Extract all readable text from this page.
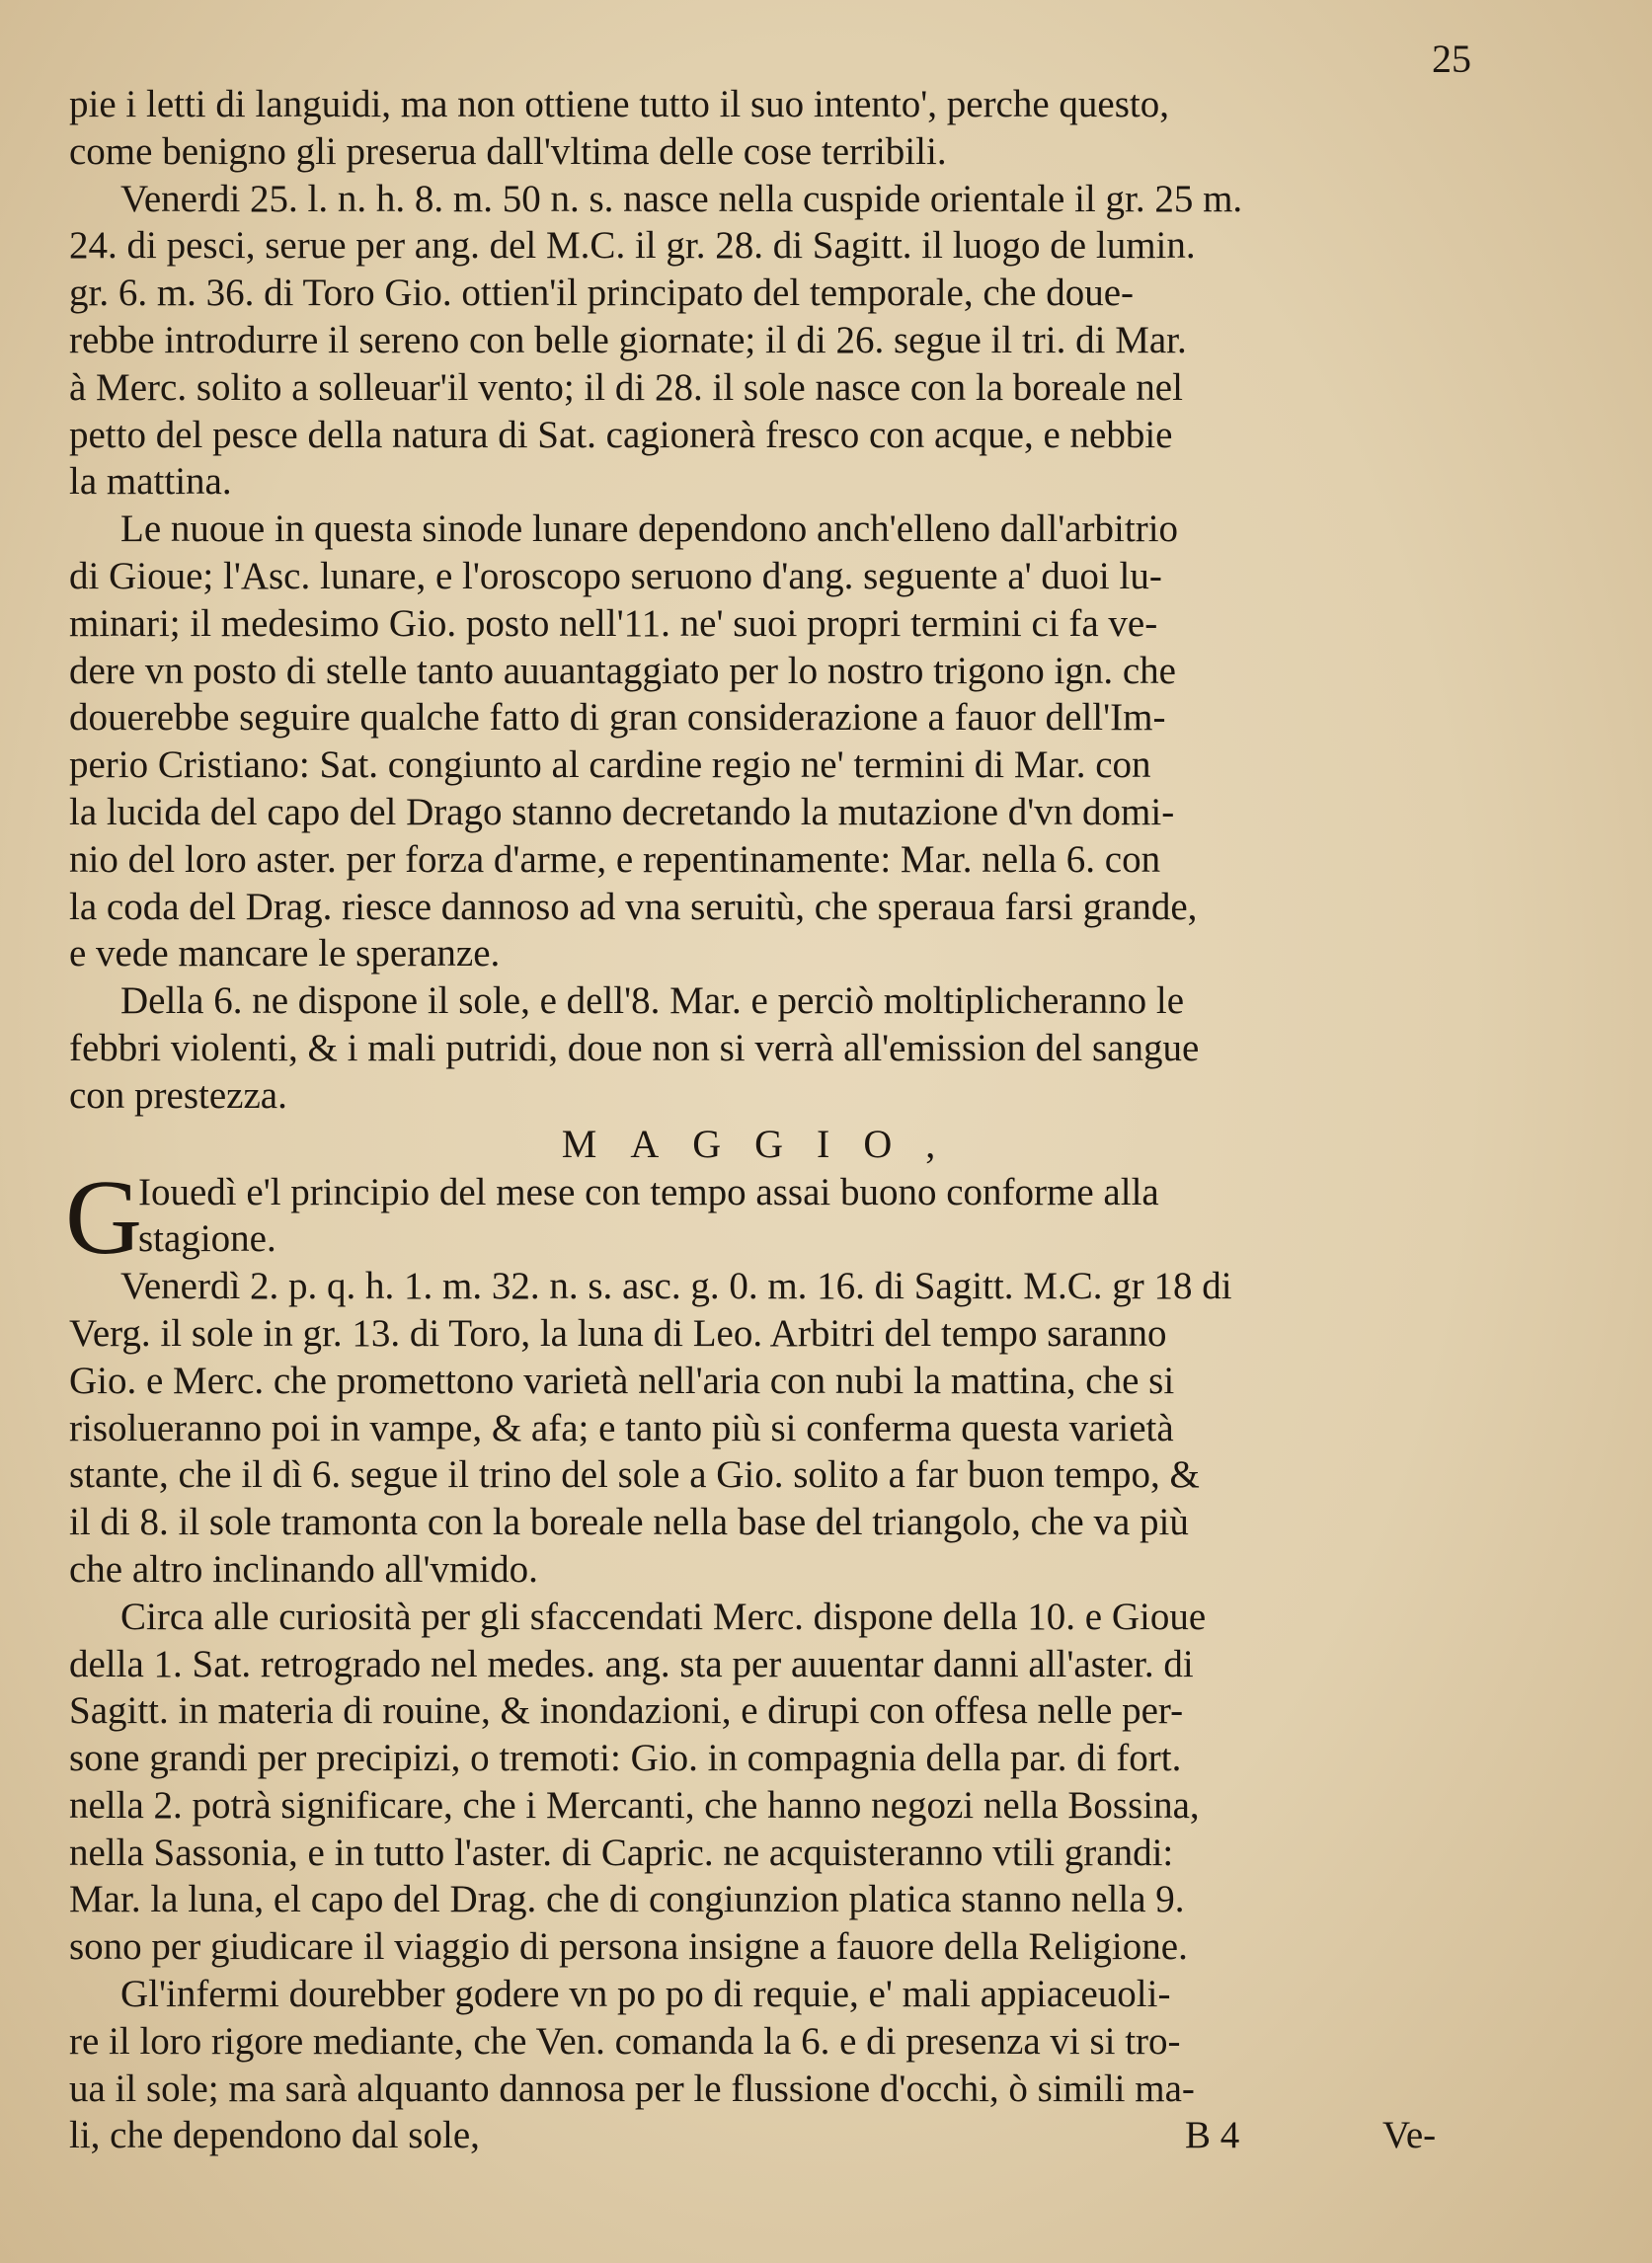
25
pie i letti di languidi, ma non ottiene tutto il suo intento', perche questo,
come benigno gli preserua dall'vltima delle cose terribili.
Venerdi 25. l. n. h. 8. m. 50 n. s. nasce nella cuspide orientale il gr. 25 m.
24. di pesci, serue per ang. del M.C. il gr. 28. di Sagitt. il luogo de lumin.
gr. 6. m. 36. di Toro Gio. ottien'il principato del temporale, che doue-
rebbe introdurre il sereno con belle giornate; il di 26. segue il tri. di Mar.
à Merc. solito a solleuar'il vento; il di 28. il sole nasce con la boreale nel
petto del pesce della natura di Sat. cagionerà fresco con acque, e nebbie
la mattina.
Le nuoue in questa sinode lunare dependono anch'elleno dall'arbitrio
di Gioue; l'Asc. lunare, e l'oroscopo seruono d'ang. seguente a' duoi lu-
minari; il medesimo Gio. posto nell'11. ne' suoi propri termini ci fa ve-
dere vn posto di stelle tanto auuantaggiato per lo nostro trigono ign. che
douerebbe seguire qualche fatto di gran considerazione a fauor dell'Im-
perio Cristiano: Sat. congiunto al cardine regio ne' termini di Mar. con
la lucida del capo del Drago stanno decretando la mutazione d'vn domi-
nio del loro aster. per forza d'arme, e repentinamente: Mar. nella 6. con
la coda del Drag. riesce dannoso ad vna seruitù, che speraua farsi grande,
e vede mancare le speranze.
Della 6. ne dispone il sole, e dell'8. Mar. e perciò moltiplicheranno le
febbri violenti, & i mali putridi, doue non si verrà all'emission del sangue
con prestezza.
MAGGIO,
G
Iouedì e'l principio del mese con tempo assai buono conforme alla
stagione.
Venerdì 2. p. q. h. 1. m. 32. n. s. asc. g. 0. m. 16. di Sagitt. M.C. gr 18 di
Verg. il sole in gr. 13. di Toro, la luna di Leo. Arbitri del tempo saranno
Gio. e Merc. che promettono varietà nell'aria con nubi la mattina, che si
risolueranno poi in vampe, & afa; e tanto più si conferma questa varietà
stante, che il dì 6. segue il trino del sole a Gio. solito a far buon tempo, &
il di 8. il sole tramonta con la boreale nella base del triangolo, che va più
che altro inclinando all'vmido.
Circa alle curiosità per gli sfaccendati Merc. dispone della 10. e Gioue
della 1. Sat. retrogrado nel medes. ang. sta per auuentar danni all'aster. di
Sagitt. in materia di rouine, & inondazioni, e dirupi con offesa nelle per-
sone grandi per precipizi, o tremoti: Gio. in compagnia della par. di fort.
nella 2. potrà significare, che i Mercanti, che hanno negozi nella Bossina,
nella Sassonia, e in tutto l'aster. di Capric. ne acquisteranno vtili grandi:
Mar. la luna, el capo del Drag. che di congiunzion platica stanno nella 9.
sono per giudicare il viaggio di persona insigne a fauore della Religione.
Gl'infermi dourebber godere vn po po di requie, e' mali appiaceuoli-
re il loro rigore mediante, che Ven. comanda la 6. e di presenza vi si tro-
ua il sole; ma sarà alquanto dannosa per le flussione d'occhi, ò simili ma-
li, che dependono dal sole,	B 4	Ve-
